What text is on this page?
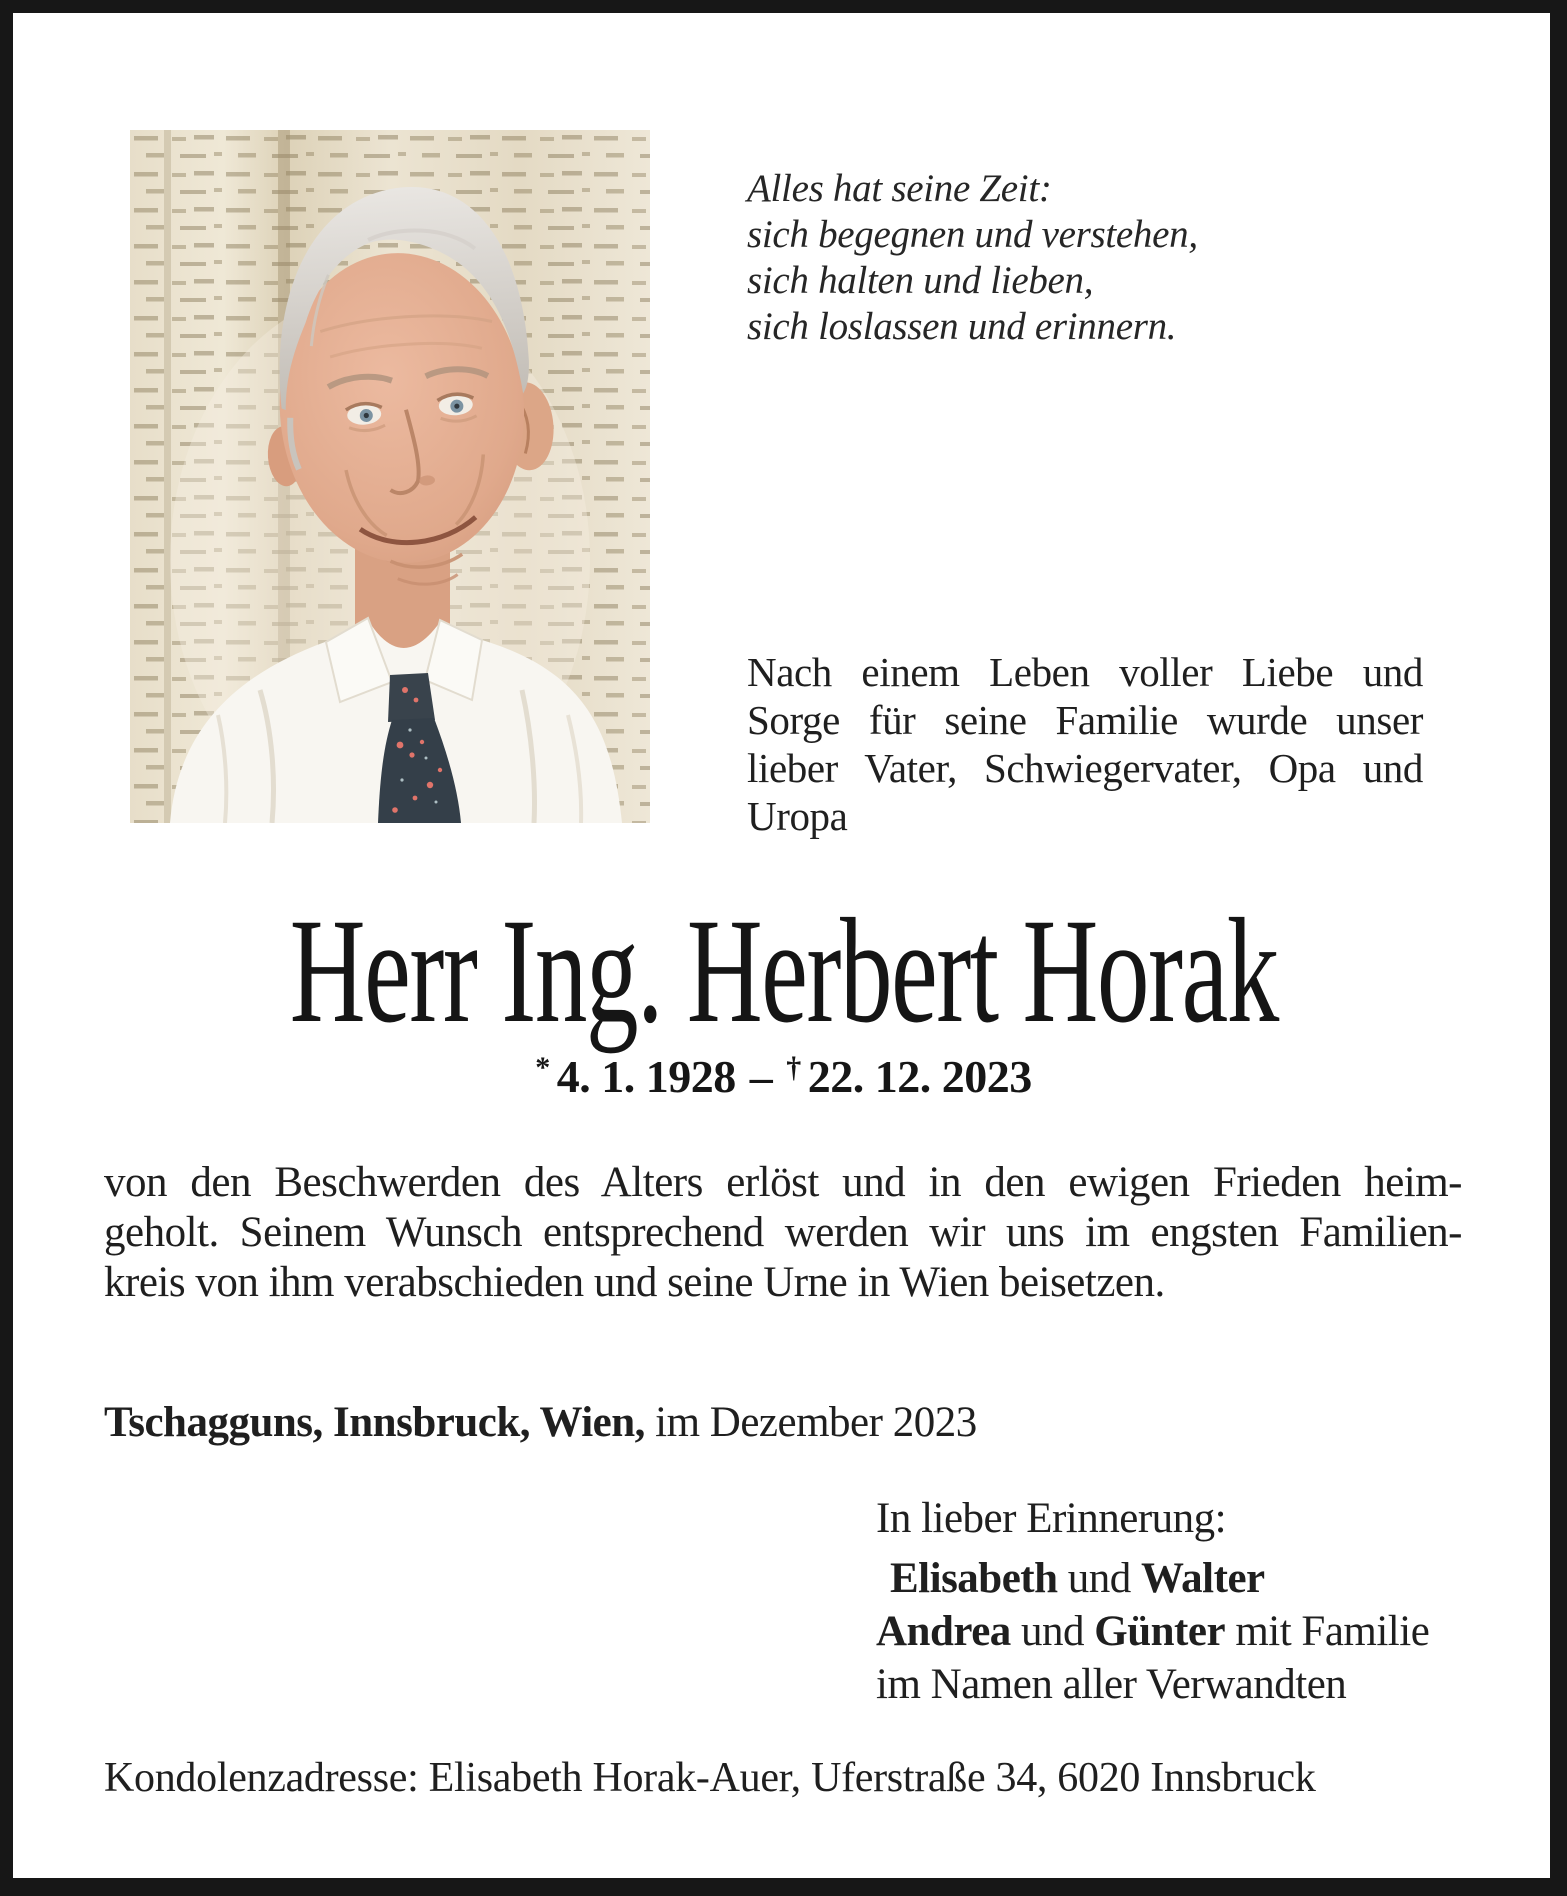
Alles hat seine Zeit:
sich begegnen und verstehen,
sich halten und lieben,
sich loslassen und erinnern.
Nach einem Leben voller Liebe und
Sorge für seine Familie wurde unser
lieber Vater, Schwiegervater, Opa und
Uropa
Herr Ing. Herbert Horak
* 4. 1. 1928 – † 22. 12. 2023
von den Beschwerden des Alters erlöst und in den ewigen Frieden heim-
geholt. Seinem Wunsch entsprechend werden wir uns im engsten Familien-
kreis von ihm verabschieden und seine Urne in Wien beisetzen.
Tschagguns, Innsbruck, Wien, im Dezember 2023
In lieber Erinnerung:
Elisabeth und Walter
Andrea und Günter mit Familie
im Namen aller Verwandten
Kondolenzadresse: Elisabeth Horak-Auer, Uferstraße 34, 6020 Innsbruck
